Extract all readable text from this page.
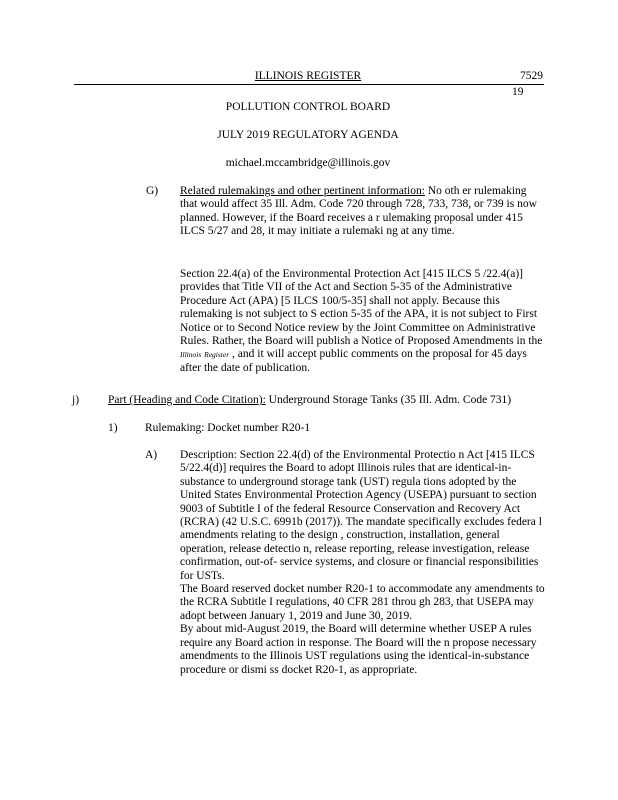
ILLINOIS REGISTER	7529
19
POLLUTION CONTROL BOARD
JULY 2019 REGULATORY AGENDA
michael.mccambridge@illinois.gov
G) Related rulemakings and other pertinent information: No oth er rulemaking that would affect 35 Ill. Adm. Code 720 through 728, 733, 738, or 739 is now planned. However, if the Board receives a r ulemaking proposal under 415 ILCS 5/27 and 28, it may initiate a rulemaki ng at any time.
Section 22.4(a) of the Environmental Protection Act [415 ILCS 5 /22.4(a)] provides that Title VII of the Act and Section 5-35 of the Administrative Procedure Act (APA) [5 ILCS 100/5-35] shall not apply. Because this rulemaking is not subject to S ection 5-35 of the APA, it is not subject to First Notice or to Second Notice review by the Joint Committee on Administrative Rules. Rather, the Board will publish a Notice of Proposed Amendments in the Illinois Register , and it will accept public comments on the proposal for 45 days after the date of publication.
j)	Part (Heading and Code Citation): Underground Storage Tanks (35 Ill. Adm. Code 731)
1) Rulemaking: Docket number R20-1
A) Description: Section 22.4(d) of the Environmental Protectio n Act [415 ILCS 5/22.4(d)] requires the Board to adopt Illinois rules that are identical-in-substance to underground storage tank (UST) regula tions adopted by the United States Environmental Protection Agency (USEPA) pursuant to section 9003 of Subtitle I of the federal Resource Conservation and Recovery Act (RCRA) (42 U.S.C. 6991b (2017)). The mandate specifically excludes federa l amendments relating to the design , construction, installation, general operation, release detectio n, release reporting, release investigation, release confirmation, out-of- service systems, and closure or financial responsibilities for USTs.
The Board reserved docket number R20-1 to accommodate any amendments to the RCRA Subtitle I regulations, 40 CFR 281 throu gh 283, that USEPA may adopt between January 1, 2019 and June 30, 2019.
By about mid-August 2019, the Board will determine whether USEP A rules require any Board action in response. The Board will the n propose necessary amendments to the Illinois UST regulations using the identical-in-substance procedure or dismi ss docket R20-1, as appropriate.
